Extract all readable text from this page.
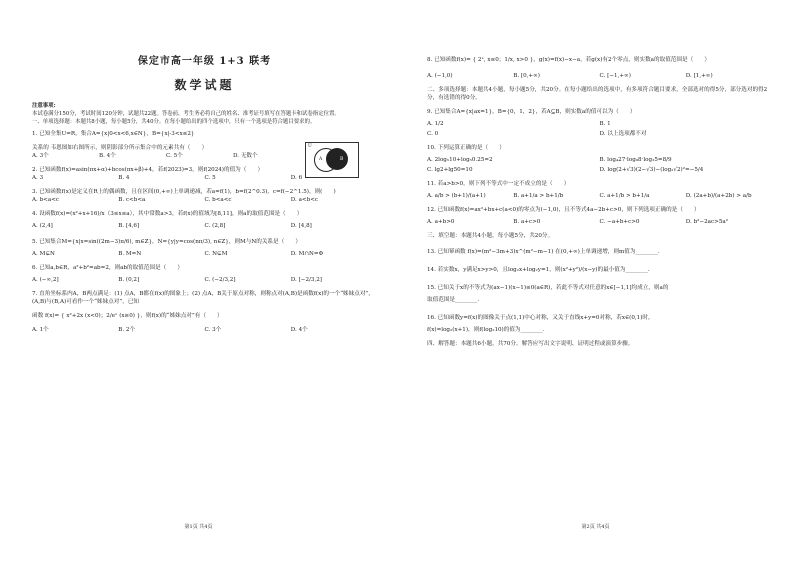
保定市高一年级 1+3 联考
数学试题

注意事项:

本试卷满分150分，考试时间120分钟，试题共22题。答卷前，考生务必将自己的姓名、准考证号填写在答题卡和试卷指定位置。

一、单项选择题：本题共8小题，每小题5分，共40分。在每小题给出的四个选项中，只有一个选项是符合题目要求的。

1. 已知全集U=R，集合A={x|0<x<6,x∈N}，B={x|-3<x≤2}

关系的 韦恩图如右图所示，则阴影部分所示集合中的元素共有（　　）

A. 3个	B. 4个	C. 5个	D. 无数个

2. 已知函数f(x)=asin(πx+α)+bcos(πx+β)+4，若f(2023)=3，则f(2024)的值为（　　）

A. 3	B. 4	C. 5	D. 6

3. 已知函数f(x)是定义在R上的偶函数，且在区间(0,+∞)上单调递减，若a=f(1)，b=f(2^0.3)，c=f(−2^1.5)，则(　　)

A. b<a<c	B. c<b<a	C. b<a<c	D. a<b<c

4. 设函数f(x)=(x²+x+16)/x（3≤x≤a），其中常数a>3，若f(x)的值域为[8,11]，则a的取值范围是（　　）

A. (2,4]	B. [4,6]	C. (2,8]	D. [4,8]

5. 已知集合M={x|x=sin((2m−3)π/6), m∈Z}，N={y|y=cos(nπ/3), n∈Z}，则M与N的关系是（　　）

A. M⊊N	B. M=N	C. N⊊M	D. M∩N=Φ

6. 已知a,b∈R，a²+b²=ab=2，则ab的取值范围是（　　）

A. (−∞,2]	B. (0,2]	C. (−2/3,2]	D. [−2/3,2]

7. 直角坐标系内A，B两点满足：(1) 点A，B都在f(x)的图象上；(2) 点A，B关于原点对称，则称点对(A,B)是函数f(x)的一个“姊妹点对”，(A,B)与(B,A)可看作一个“姊妹点对”，已知

函数 f(x)= { x²+2x (x<0)；2/eˣ (x≥0) }，则f(x)的“姊妹点对”有（　　）

A. 1个	B. 2个	C. 3个	D. 4个
第1页 共4页
U
A	B

8. 已知函数f(x)= { 2ˣ, x≤0；1/x, x>0 }，g(x)=f(x)−x−a，若g(x)有2个零点，则实数a的取值范围是（　　）

A. (−1,0)	B. [0,+∞)	C. [−1,+∞)	D. [1,+∞)

二、多项选择题：本题共4小题，每小题5分，共20分。在每小题给出的选项中，有多项符合题目要求，全部选对的得5分，部分选对的得2分，有选错的得0分。

9. 已知集合A={x|ax=1}，B={0，1，2}，若A⊆B，则实数a的值可以为（　　）

A. 1/2	B. 1
C. 0	D. 以上选项都不对

10. 下列运算正确的是（　　）

A. 2log₅10+log₅0.25=2	B. log₄27·log₉8·log₃5=8/9
C. lg2+lg50=10	D. log(2+√3)(2−√3)−(log₂√2)²=−5/4

11. 若a>b>0，则下列不等式中一定不成立的是（　　）

A. a/b > (b+1)/(a+1)	B. a+1/a > b+1/b	C. a+1/b > b+1/a	D. (2a+b)/(a+2b) > a/b

12. 已知函数f(x)=ax²+bx+c(a<0)的零点为(−1,0)，且不等式4a−2b+c>0，则下列选项正确的是（　　）

A. a+b>0	B. a+c>0	C. −a+b+c>0	D. b²−2ac>5a²

三、填空题：本题共4小题，每小题5分，共20分。

13. 已知幂函数 f(x)=(m²−3m+3)x^(m²−m−1) 在(0,+∞)上单调递增，则m值为________.

14. 若实数x，y满足x>y>0，且log₂x+log₂y=1，则(x²+y²)/(x−y)的最小值为________.

15. 已知关于x的不等式为(ax−1)(x−1)≤0(a∈R)，若此不等式对任意的x∈[−1,1]均成立，则a的

取值范围是________.

16. 已知函数y=f(x)的图像关于点(1,1)中心对称，又关于直线x+y=0对称，若x∈(0,1)时，

f(x)=log₂(x+1)，则f(log₂10)的值为________.

四、解答题：本题共6小题，共70分。解答应写出文字说明、证明过程或演算步骤。

第2页 共4页
